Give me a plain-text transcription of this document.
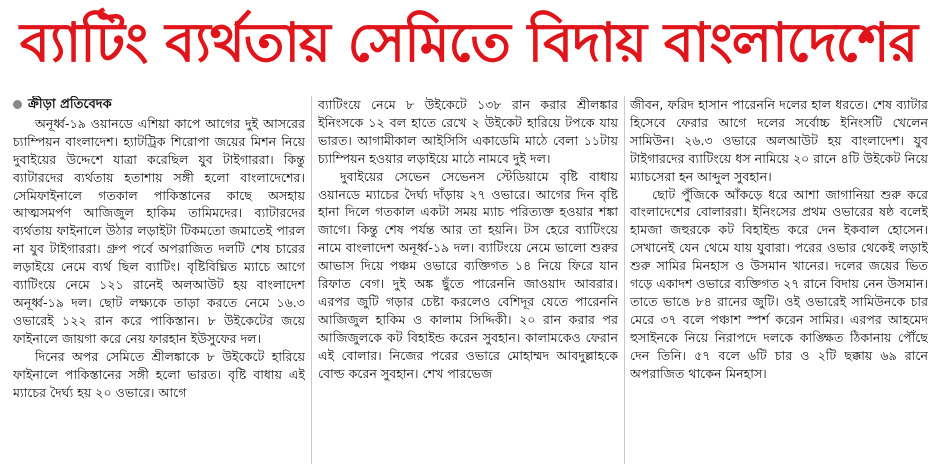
ব্যাটিং ব্যর্থতায় সেমিতে বিদায় বাংলাদেশের
ক্রীড়া প্রতিবেদক

অনূর্ধ্ব-১৯ ওয়ানডে এশিয়া কাপে আগের দুই আসরের চ্যাম্পিয়ন বাংলাদেশ। হ্যাটট্রিক শিরোপা জয়ের মিশন নিয়ে দুবাইয়ের উদ্দেশে যাত্রা করেছিল যুব টাইগাররা। কিন্তু ব্যাটারদের ব্যর্থতায় হতাশায় সঙ্গী হলো বাংলাদেশের। সেমিফাইনালে গতকাল পাকিস্তানের কাছে অসহায় আত্মসমর্পণ আজিজুল হাকিম তামিমদের। ব্যাটারদের ব্যর্থতায় ফাইনালে উঠার লড়াইটা টিকমতো জমাতেই পারল না যুব টাইগাররা। গ্রুপ পর্বে অপরাজিত দলটি শেষ চারের লড়াইয়ে নেমে ব্যর্থ ছিল ব্যাটিং। বৃষ্টিবিঘ্নিত ম্যাচে আগে ব্যাটিংয়ে নেমে ১২১ রানেই অলআউট হয় বাংলাদেশ অনূর্ধ্ব-১৯ দল। ছোট লক্ষ্যকে তাড়া করতে নেমে ১৬.৩ ওভারেই ১২২ রান করে পাকিস্তান। ৮ উইকেটের জয়ে ফাইনালে জায়গা করে নেয় ফারহান ইউসুফের দল।

দিনের অপর সেমিতে শ্রীলঙ্কাকে ৮ উইকেটে হারিয়ে ফাইনালে পাকিস্তানের সঙ্গী হলো ভারত। বৃষ্টি বাধায় এই ম্যাচের দৈর্ঘ্য হয় ২০ ওভারে। আগে

ব্যাটিংয়ে নেমে ৮ উইকেটে ১৩৮ রান করার শ্রীলঙ্কার ইনিংসকে ১২ বল হাতে রেখে ২ উইকেট হারিয়ে টপকে যায় ভারত। আগামীকাল আইসিসি একাডেমি মাঠে বেলা ১১টায় চ্যাম্পিয়ন হওয়ার লড়াইয়ে মাঠে নামবে দুই দল।

দুবাইয়ের সেভেন সেভেনস স্টেডিয়ামে বৃষ্টি বাধায় ওয়ানডে ম্যাচের দৈর্ঘ্য দাঁড়ায় ২৭ ওভারে। আগের দিন বৃষ্টি হানা দিলে গতকাল একটা সময় ম্যাচ পরিত্যক্ত হওয়ার শঙ্কা জাগে। কিন্তু শেষ পর্যন্ত আর তা হয়নি। টস হেরে ব্যাটিংয়ে নামে বাংলাদেশ অনূর্ধ্ব-১৯ দল। ব্যাটিংয়ে নেমে ভালো শুরুর আভাস দিয়ে পঞ্চম ওভারে ব্যক্তিগত ১৪ নিয়ে ফিরে যান রিফাত বেগ। দুই অঙ্ক ছুঁতে পারেননি জাওয়াদ আবরার। এরপর জুটি গড়ার চেষ্টা করলেও বেশিদূর যেতে পারেননি আজিজুল হাকিম ও কালাম সিদ্দিকী। ২০ রান করার পর আজিজুলকে কট বিহাইন্ড করেন সুবহান। কালামকেও ফেরান এই বোলার। নিজের পরের ওভারে মোহাম্মদ আবদুল্লাহকে বোল্ড করেন সুবহান। শেখ পারভেজ

জীবন, ফরিদ হাসান পারেননি দলের হাল ধরতে। শেষ ব্যাটার হিসেবে ফেরার আগে দলের সর্বোচ্চ ইনিংসটি খেলেন সামিউন। ২৬.৩ ওভারে অলআউট হয় বাংলাদেশ। যুব টাইগারদের ব্যাটিংয়ে ধস নামিয়ে ২০ রানে ৪টি উইকেট নিয়ে ম্যাচসেরা হন আব্দুল সুবহান।

ছোট পুঁজিকে আঁকড়ে ধরে আশা জাগানিয়া শুরু করে বাংলাদেশের বোলাররা। ইনিংসের প্রথম ওভারের ষষ্ঠ বলেই হামজা জহুরকে কট বিহাইন্ড করে দেন ইকবাল হোসেন। সেখানেই যেন থেমে যায় যুবারা। পরের ওভার থেকেই লড়াই শুরু সামির মিনহাস ও উসমান খানের। দলের জয়ের ভিত গড়ে একাদশ ওভারে ব্যক্তিগত ২৭ রানে বিদায় নেন উসমান। তাতে ভাঙে ৮৪ রানের জুটি। ওই ওভারেই সামিউনকে চার মেরে ৩৭ বলে পঞ্চাশ স্পর্শ করেন সামির। এরপর আহমেদ হুসাইনকে নিয়ে নিরাপদে দলকে কাঙ্ক্ষিত ঠিকানায় পৌঁছে দেন তিনি। ৫৭ বলে ৬টি চার ও ২টি ছক্কায় ৬৯ রানে অপরাজিত থাকেন মিনহাস।
